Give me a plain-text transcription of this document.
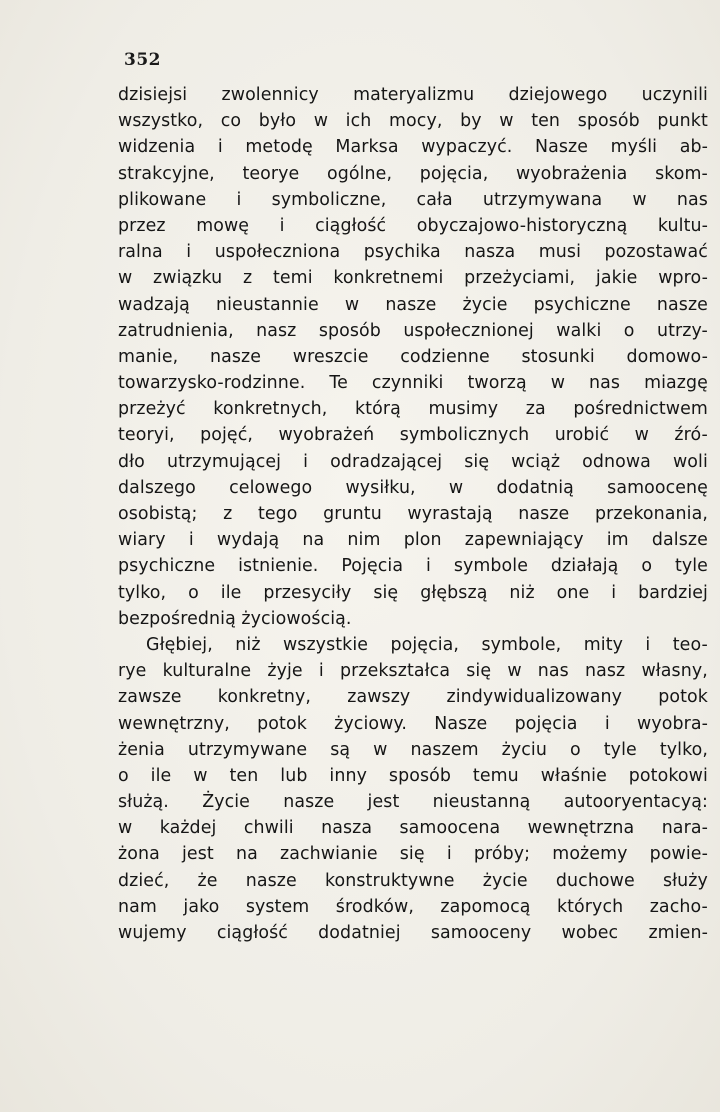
352
dzisiejsi zwolennicy materyalizmu dziejowego uczynili
wszystko, co było w ich mocy, by w ten sposób punkt
widzenia i metodę Marksa wypaczyć. Nasze myśli ab-
strakcyjne, teorye ogólne, pojęcia, wyobrażenia skom-
plikowane i symboliczne, cała utrzymywana w nas
przez mowę i ciągłość obyczajowo-historyczną kultu-
ralna i uspołeczniona psychika nasza musi pozostawać
w związku z temi konkretnemi przeżyciami, jakie wpro-
wadzają nieustannie w nasze życie psychiczne nasze
zatrudnienia, nasz sposób uspołecznionej walki o utrzy-
manie, nasze wreszcie codzienne stosunki domowo-
towarzysko-rodzinne. Te czynniki tworzą w nas miazgę
przeżyć konkretnych, którą musimy za pośrednictwem
teoryi, pojęć, wyobrażeń symbolicznych urobić w źró-
dło utrzymującej i odradzającej się wciąż odnowa woli
dalszego celowego wysiłku, w dodatnią samoocenę
osobistą; z tego gruntu wyrastają nasze przekonania,
wiary i wydają na nim plon zapewniający im dalsze
psychiczne istnienie. Pojęcia i symbole działają o tyle
tylko, o ile przesyciły się głębszą niż one i bardziej
bezpośrednią życiowością.
Głębiej, niż wszystkie pojęcia, symbole, mity i teo-
rye kulturalne żyje i przekształca się w nas nasz własny,
zawsze konkretny, zawszy zindywidualizowany potok
wewnętrzny, potok życiowy. Nasze pojęcia i wyobra-
żenia utrzymywane są w naszem życiu o tyle tylko,
o ile w ten lub inny sposób temu właśnie potokowi
służą. Życie nasze jest nieustanną autooryentacyą:
w każdej chwili nasza samoocena wewnętrzna nara-
żona jest na zachwianie się i próby; możemy powie-
dzieć, że nasze konstruktywne życie duchowe służy
nam jako system środków, zapomocą których zacho-
wujemy ciągłość dodatniej samooceny wobec zmien-
